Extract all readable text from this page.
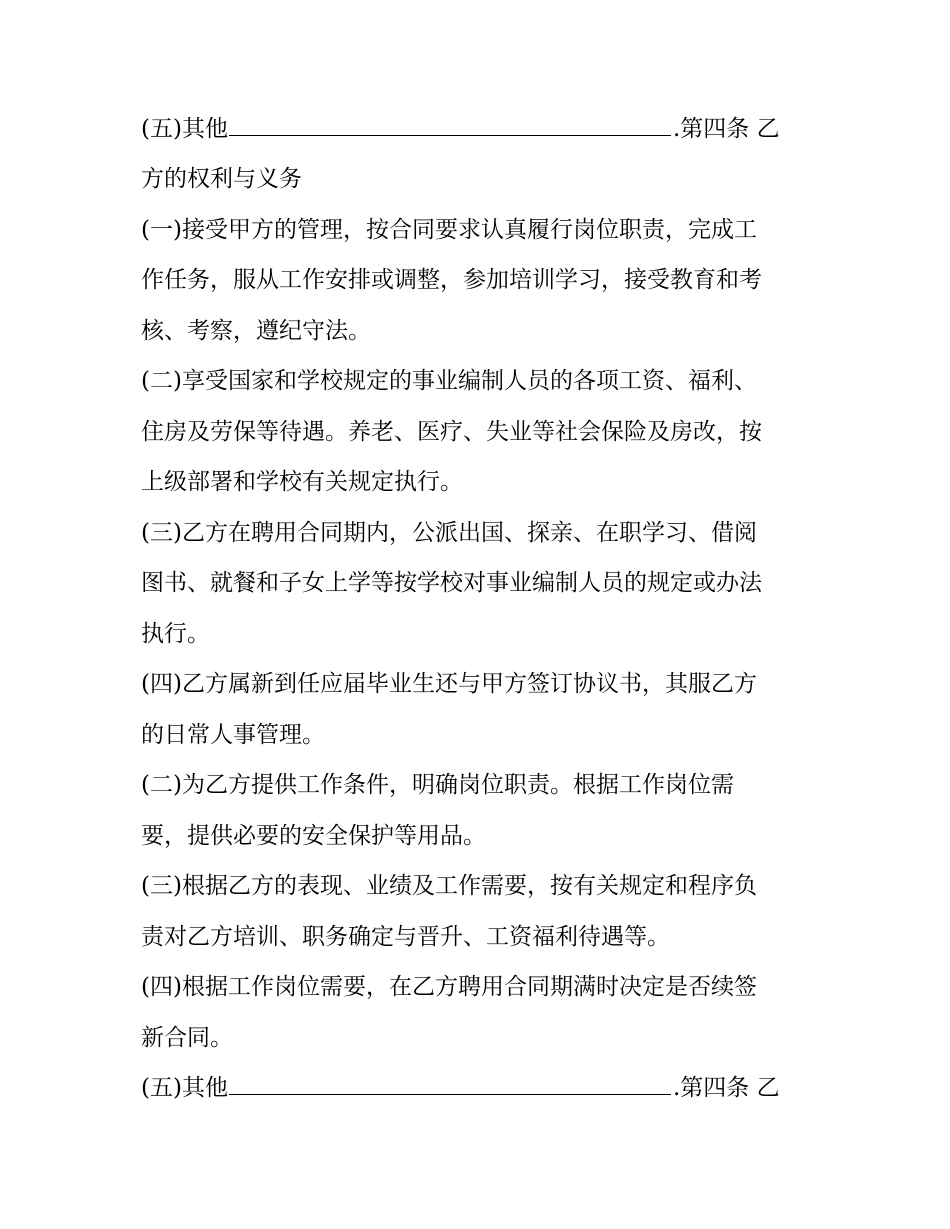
(五)其他	.第四条 乙
方的权利与义务
(一)接受甲方的管理，按合同要求认真履行岗位职责，完成工
作任务，服从工作安排或调整，参加培训学习，接受教育和考
核、考察，遵纪守法。
(二)享受国家和学校规定的事业编制人员的各项工资、福利、
住房及劳保等待遇。养老、医疗、失业等社会保险及房改，按
上级部署和学校有关规定执行。
(三)乙方在聘用合同期内，公派出国、探亲、在职学习、借阅
图书、就餐和子女上学等按学校对事业编制人员的规定或办法
执行。
(四)乙方属新到任应届毕业生还与甲方签订协议书，其服乙方
的日常人事管理。
(二)为乙方提供工作条件，明确岗位职责。根据工作岗位需
要，提供必要的安全保护等用品。
(三)根据乙方的表现、业绩及工作需要，按有关规定和程序负
责对乙方培训、职务确定与晋升、工资福利待遇等。
(四)根据工作岗位需要，在乙方聘用合同期满时决定是否续签
新合同。
(五)其他	.第四条 乙
